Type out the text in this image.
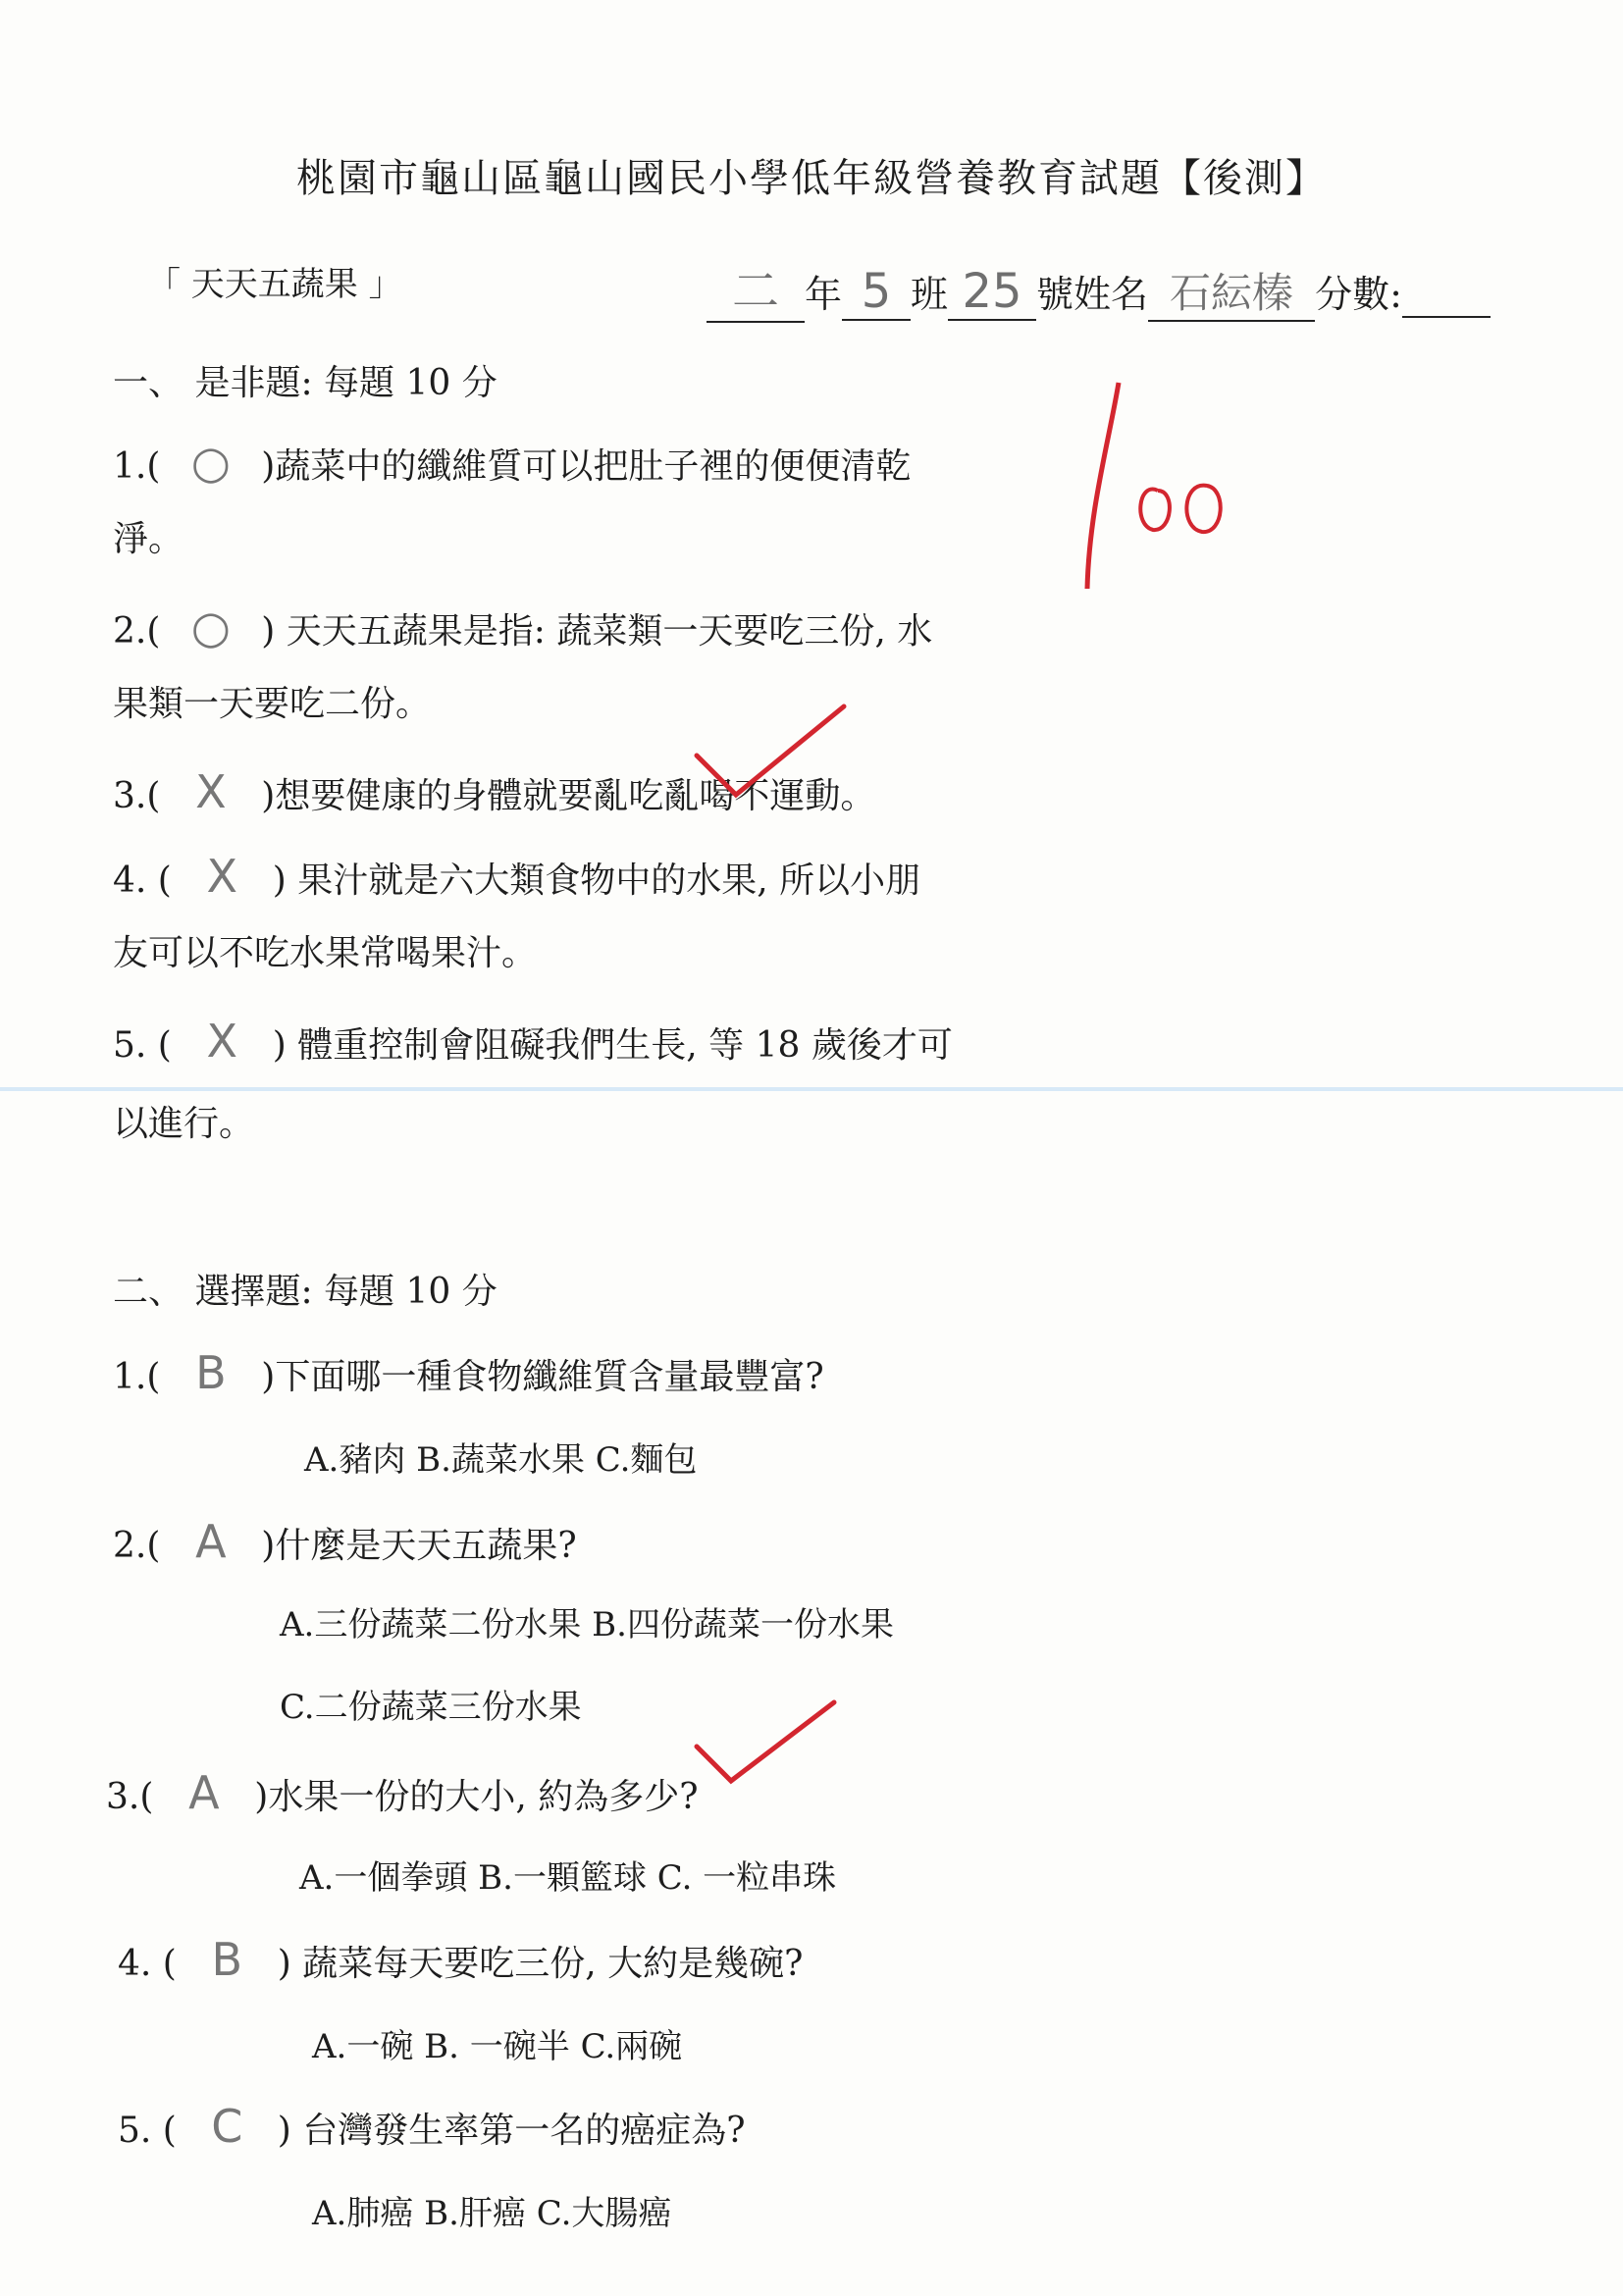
桃園市龜山區龜山國民小學低年級營養教育試題【後測】
「 天天五蔬果 」	二 年 5 班 25 號姓名 石紜榛 分數:
一、 是非題: 每題 10 分
1.( ○ )蔬菜中的纖維質可以把肚子裡的便便清乾
淨。
2.( ○ ) 天天五蔬果是指: 蔬菜類一天要吃三份, 水
果類一天要吃二份。
3.( X )想要健康的身體就要亂吃亂喝不運動。
4. ( X ) 果汁就是六大類食物中的水果, 所以小朋
友可以不吃水果常喝果汁。
5. ( X ) 體重控制會阻礙我們生長, 等 18 歲後才可
以進行。
二、 選擇題: 每題 10 分
1.( B )下面哪一種食物纖維質含量最豐富?
A.豬肉 B.蔬菜水果 C.麵包
2.( A )什麼是天天五蔬果?
A.三份蔬菜二份水果 B.四份蔬菜一份水果
C.二份蔬菜三份水果
3.( A )水果一份的大小, 約為多少?
A.一個拳頭 B.一顆籃球 C. 一粒串珠
4. ( B ) 蔬菜每天要吃三份, 大約是幾碗?
A.一碗 B. 一碗半 C.兩碗
5. ( C ) 台灣發生率第一名的癌症為?
A.肺癌 B.肝癌 C.大腸癌
